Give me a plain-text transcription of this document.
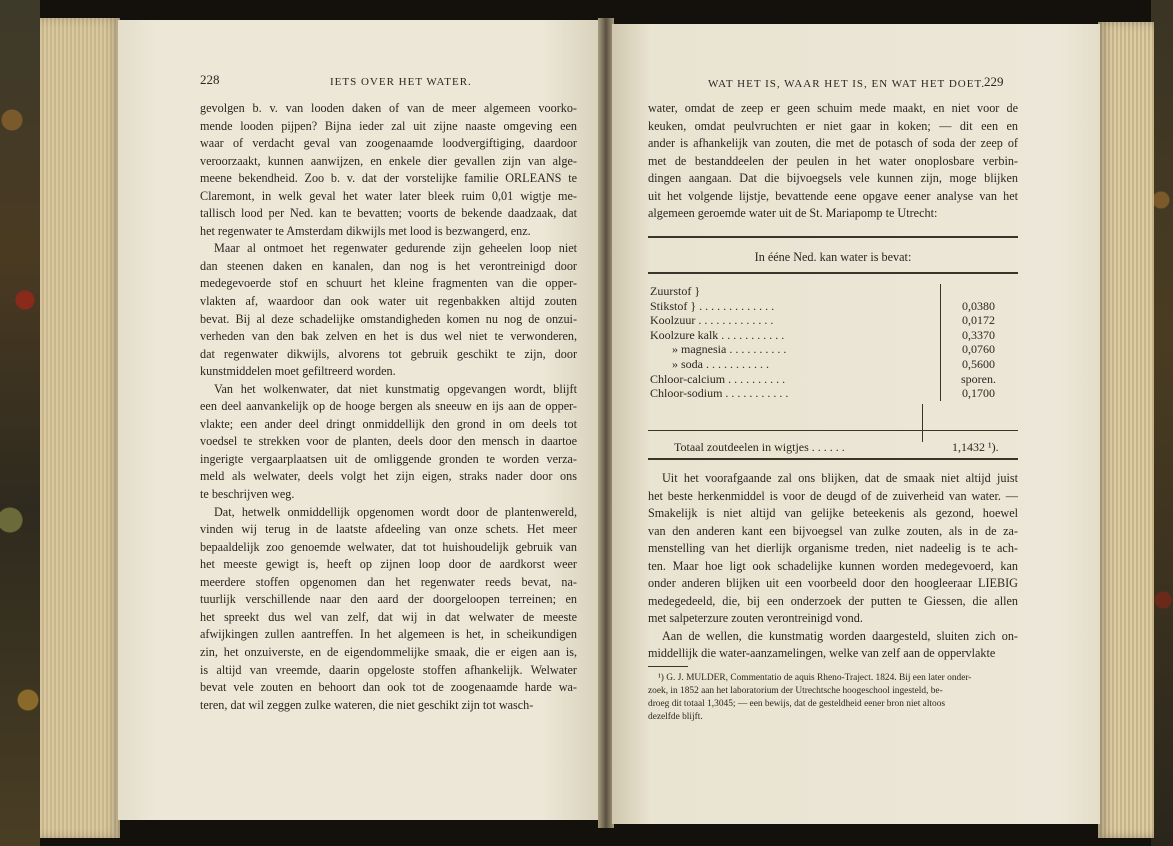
228	IETS OVER HET WATER.
gevolgen b. v. van looden daken of van de meer algemeen voorko-
mende looden pijpen? Bijna ieder zal uit zijne naaste omgeving een
waar of verdacht geval van zoogenaamde loodvergiftiging, daardoor
veroorzaakt, kunnen aanwijzen, en enkele dier gevallen zijn van alge-
meene bekendheid. Zoo b. v. dat der vorstelijke familie ORLEANS te
Claremont, in welk geval het water later bleek ruim 0,01 wigtje me-
tallisch lood per Ned. kan te bevatten; voorts de bekende daadzaak, dat
het regenwater te Amsterdam dikwijls met lood is bezwangerd, enz.
Maar al ontmoet het regenwater gedurende zijn geheelen loop niet
dan steenen daken en kanalen, dan nog is het verontreinigd door
medegevoerde stof en schuurt het kleine fragmenten van die opper-
vlakten af, waardoor dan ook water uit regenbakken altijd zouten
bevat. Bij al deze schadelijke omstandigheden komen nu nog de onzui-
verheden van den bak zelven en het is dus wel niet te verwonderen,
dat regenwater dikwijls, alvorens tot gebruik geschikt te zijn, door
kunstmiddelen moet gefiltreerd worden.
Van het wolkenwater, dat niet kunstmatig opgevangen wordt, blijft
een deel aanvankelijk op de hooge bergen als sneeuw en ijs aan de opper-
vlakte; een ander deel dringt onmiddellijk den grond in om deels tot
voedsel te strekken voor de planten, deels door den mensch in daartoe
ingerigte vergaarplaatsen uit de omliggende gronden te worden verza-
meld als welwater, deels volgt het zijn eigen, straks nader door ons
te beschrijven weg.
Dat, hetwelk onmiddellijk opgenomen wordt door de plantenwereld,
vinden wij terug in de laatste afdeeling van onze schets. Het meer
bepaaldelijk zoo genoemde welwater, dat tot huishoudelijk gebruik van
het meeste gewigt is, heeft op zijnen loop door de aardkorst weer
meerdere stoffen opgenomen dan het regenwater reeds bevat, na-
tuurlijk verschillende naar den aard der doorgeloopen terreinen; en
het spreekt dus wel van zelf, dat wij in dat welwater de meeste
afwijkingen zullen aantreffen. In het algemeen is het, in scheikundigen
zin, het onzuiverste, en de eigendommelijke smaak, die er eigen aan is,
is altijd van vreemde, daarin opgeloste stoffen afhankelijk. Welwater
bevat vele zouten en behoort dan ook tot de zoogenaamde harde wa-
teren, dat wil zeggen zulke wateren, die niet geschikt zijn tot wasch-
WAT HET IS, WAAR HET IS, EN WAT HET DOET.
229
water, omdat de zeep er geen schuim mede maakt, en niet voor de
keuken, omdat peulvruchten er niet gaar in koken; — dit een en
ander is afhankelijk van zouten, die met de potasch of soda der zeep of
met de bestanddeelen der peulen in het water onoplosbare verbin-
dingen aangaan. Dat die bijvoegsels vele kunnen zijn, moge blijken
uit het volgende lijstje, bevattende eene opgave eener analyse van het
algemeen geroemde water uit de St. Mariapomp te Utrecht:
In ééne Ned. kan water is bevat:
Zuurstof }	
Stikstof } . . . . . . . . . . . . .	0,0380
Koolzuur . . . . . . . . . . . . .	0,0172
Koolzure kalk . . . . . . . . . . .	0,3370
» magnesia . . . . . . . . . .	0,0760
» soda . . . . . . . . . . .	0,5600
Chloor-calcium . . . . . . . . . .	sporen.
Chloor-sodium . . . . . . . . . . .	0,1700
Totaal zoutdeelen in wigtjes . . . . . .	1,1432 ¹).
Uit het voorafgaande zal ons blijken, dat de smaak niet altijd juist
het beste herkenmiddel is voor de deugd of de zuiverheid van water. —
Smakelijk is niet altijd van gelijke beteekenis als gezond, hoewel
van den anderen kant een bijvoegsel van zulke zouten, als in de za-
menstelling van het dierlijk organisme treden, niet nadeelig is te ach-
ten. Maar hoe ligt ook schadelijke kunnen worden medegevoerd, kan
onder anderen blijken uit een voorbeeld door den hoogleeraar LIEBIG
medegedeeld, die, bij een onderzoek der putten te Giessen, die allen
met salpeterzure zouten verontreinigd vond.
Aan de wellen, die kunstmatig worden daargesteld, sluiten zich on-
middellijk die water-aanzamelingen, welke van zelf aan de oppervlakte
¹) G. J. MULDER, Commentatio de aquis Rheno-Traject. 1824. Bij een later onder-
zoek, in 1852 aan het laboratorium der Utrechtsche hoogeschool ingesteld, be-
droeg dit totaal 1,3045; — een bewijs, dat de gesteldheid eener bron niet altoos
dezelfde blijft.
